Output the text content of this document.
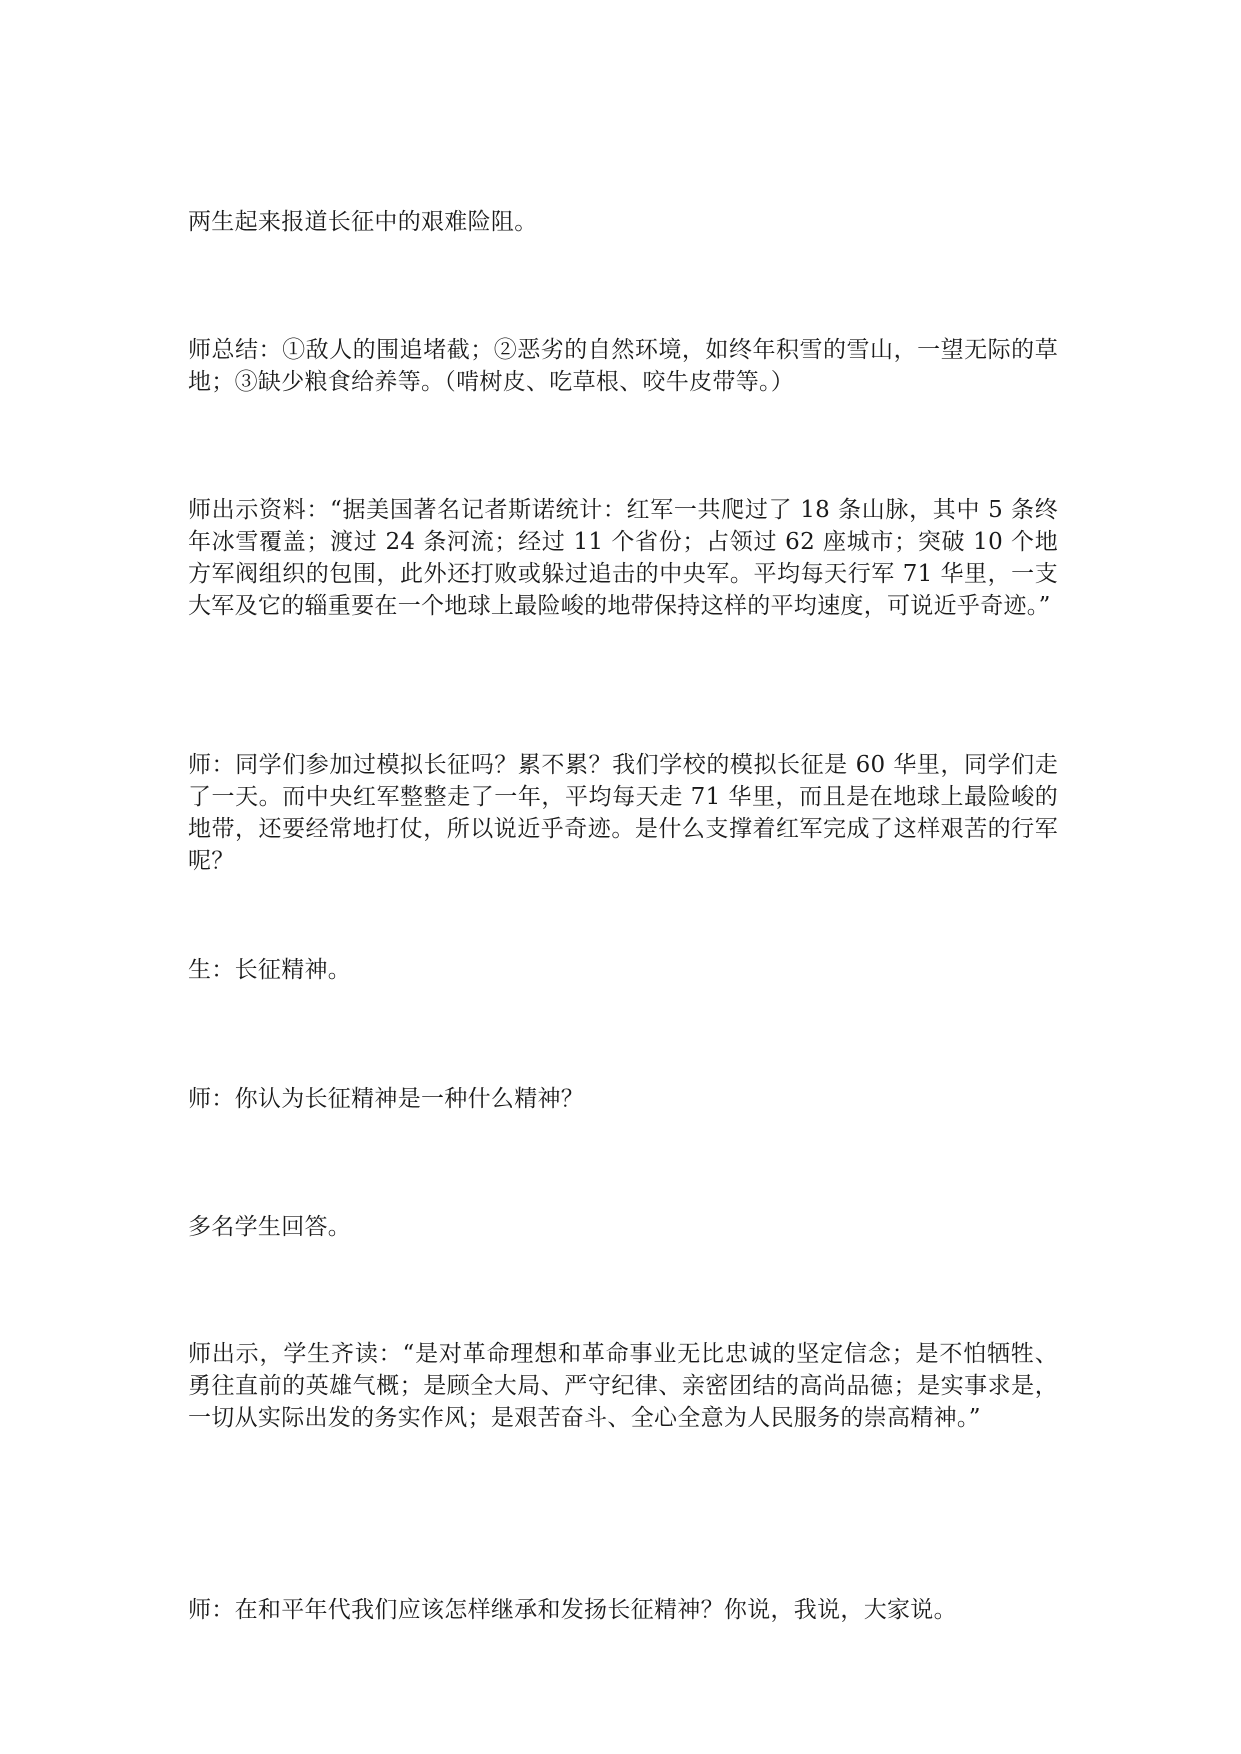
两生起来报道长征中的艰难险阻。

师总结：①敌人的围追堵截；②恶劣的自然环境，如终年积雪的雪山，一望无际的草地；③缺少粮食给养等。（啃树皮、吃草根、咬牛皮带等。）

师出示资料：“据美国著名记者斯诺统计：红军一共爬过了 18 条山脉，其中 5 条终年冰雪覆盖；渡过 24 条河流；经过 11 个省份；占领过 62 座城市；突破 10 个地方军阀组织的包围，此外还打败或躲过追击的中央军。平均每天行军 71 华里，一支大军及它的辎重要在一个地球上最险峻的地带保持这样的平均速度，可说近乎奇迹。”

师：同学们参加过模拟长征吗？累不累？我们学校的模拟长征是 60 华里，同学们走了一天。而中央红军整整走了一年，平均每天走 71 华里，而且是在地球上最险峻的地带，还要经常地打仗，所以说近乎奇迹。是什么支撑着红军完成了这样艰苦的行军呢？

生：长征精神。

师：你认为长征精神是一种什么精神？

多名学生回答。

师出示，学生齐读：“是对革命理想和革命事业无比忠诚的坚定信念；是不怕牺牲、勇往直前的英雄气概；是顾全大局、严守纪律、亲密团结的高尚品德；是实事求是，一切从实际出发的务实作风；是艰苦奋斗、全心全意为人民服务的崇高精神。”

师：在和平年代我们应该怎样继承和发扬长征精神？你说，我说，大家说。
